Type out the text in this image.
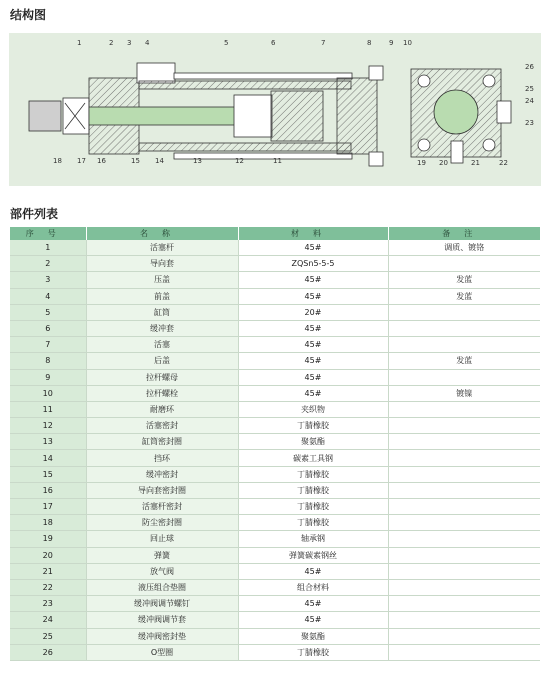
结构图
1	2 3 4	5	6	7	8	9 10
11
12
13
14
15
16
17
18	19 20	21	22
23
24
25
26
部件列表
序号	名称	材料	备注
1	活塞杆	45#	调质、镀铬
2	导向套	ZQSn5-5-5	
3	压盖	45#	发蓝
4	前盖	45#	发蓝
5	缸筒	20#	
6	缓冲套	45#	
7	活塞	45#	
8	后盖	45#	发蓝
9	拉杆螺母	45#	
10	拉杆螺栓	45#	镀镍
11	耐磨环	夹织物	
12	活塞密封	丁腈橡胶	
13	缸筒密封圈	聚氨酯	
14	挡环	碳素工具钢	
15	缓冲密封	丁腈橡胶	
16	导向套密封圈	丁腈橡胶	
17	活塞杆密封	丁腈橡胶	
18	防尘密封圈	丁腈橡胶	
19	回止球	轴承钢	
20	弹簧	弹簧碳素钢丝	
21	放气阀	45#	
22	液压组合垫圈	组合材料	
23	缓冲阀调节螺钉	45#	
24	缓冲阀调节套	45#	
25	缓冲阀密封垫	聚氨酯	
26	O型圈	丁腈橡胶	
